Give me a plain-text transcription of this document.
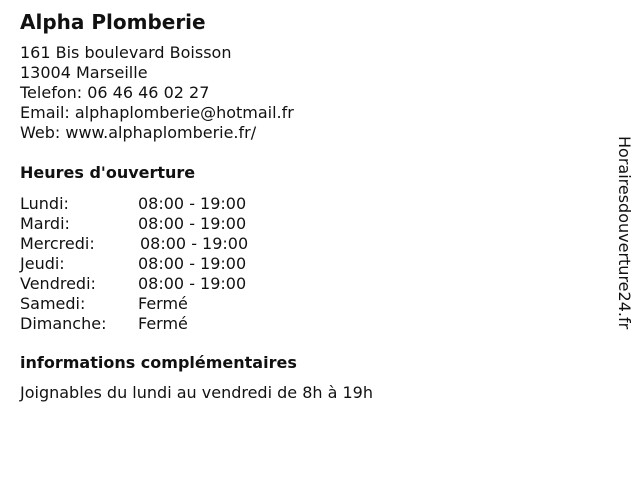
Alpha Plomberie
161 Bis boulevard Boisson
13004 Marseille
Telefon: 06 46 46 02 27
Email: alphaplomberie@hotmail.fr
Web: www.alphaplomberie.fr/
Heures d'ouverture
Lundi:	08:00 - 19:00
Mardi:	08:00 - 19:00
Mercredi:	08:00 - 19:00
Jeudi:	08:00 - 19:00
Vendredi:	08:00 - 19:00
Samedi:	Fermé
Dimanche: Fermé
informations complémentaires
Joignables du lundi au vendredi de 8h à 19h
Horairesdouverture24.fr
